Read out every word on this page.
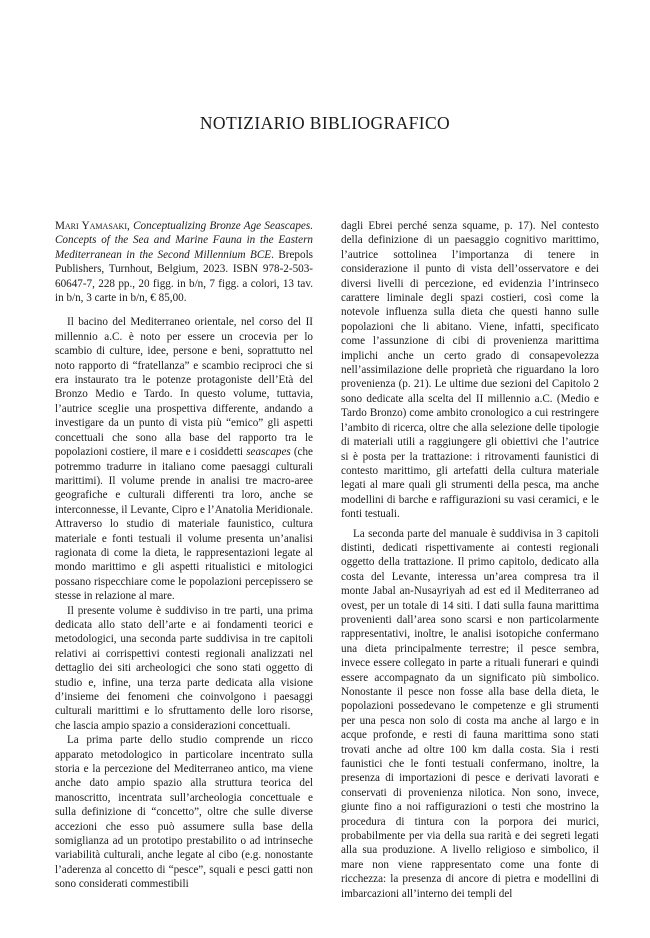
NOTIZIARIO BIBLIOGRAFICO

Mari Yamasaki, Conceptualizing Bronze Age Seascapes. Concepts of the Sea and Marine Fauna in the Eastern Mediterranean in the Second Millennium BCE. Brepols Publishers, Turnhout, Belgium, 2023. ISBN 978-2-503-60647-7, 228 pp., 20 figg. in b/n, 7 figg. a colori, 13 tav. in b/n, 3 carte in b/n, € 85,00.

Il bacino del Mediterraneo orientale, nel corso del II millennio a.C. è noto per essere un crocevia per lo scambio di culture, idee, persone e beni, soprattutto nel noto rapporto di “fratellanza” e scambio reciproci che si era instaurato tra le potenze protagoniste dell’Età del Bronzo Medio e Tardo. In questo volume, tuttavia, l’autrice sceglie una prospettiva differente, andando a investigare da un punto di vista più “emico” gli aspetti concettuali che sono alla base del rapporto tra le popolazioni costiere, il mare e i cosiddetti seascapes (che potremmo tradurre in italiano come paesaggi culturali marittimi). Il volume prende in analisi tre macro-aree geografiche e culturali differenti tra loro, anche se interconnesse, il Levante, Cipro e l’Anatolia Meridionale. Attraverso lo studio di materiale faunistico, cultura materiale e fonti testuali il volume presenta un’analisi ragionata di come la dieta, le rappresentazioni legate al mondo marittimo e gli aspetti ritualistici e mitologici possano rispecchiare come le popolazioni percepissero se stesse in relazione al mare.

Il presente volume è suddiviso in tre parti, una prima dedicata allo stato dell’arte e ai fondamenti teorici e metodologici, una seconda parte suddivisa in tre capitoli relativi ai corrispettivi contesti regionali analizzati nel dettaglio dei siti archeologici che sono stati oggetto di studio e, infine, una terza parte dedicata alla visione d’insieme dei fenomeni che coinvolgono i paesaggi culturali marittimi e lo sfruttamento delle loro risorse, che lascia ampio spazio a considerazioni concettuali.

La prima parte dello studio comprende un ricco apparato metodologico in particolare incentrato sulla storia e la percezione del Mediterraneo antico, ma viene anche dato ampio spazio alla struttura teorica del manoscritto, incentrata sull’archeologia concettuale e sulla definizione di “concetto”, oltre che sulle diverse accezioni che esso può assumere sulla base della somiglianza ad un prototipo prestabilito o ad intrinseche variabilità culturali, anche legate al cibo (e.g. nonostante l’aderenza al concetto di “pesce”, squali e pesci gatti non sono considerati commestibili

dagli Ebrei perché senza squame, p. 17). Nel contesto della definizione di un paesaggio cognitivo marittimo, l’autrice sottolinea l’importanza di tenere in considerazione il punto di vista dell’osservatore e dei diversi livelli di percezione, ed evidenzia l’intrinseco carattere liminale degli spazi costieri, così come la notevole influenza sulla dieta che questi hanno sulle popolazioni che li abitano. Viene, infatti, specificato come l’assunzione di cibi di provenienza marittima implichi anche un certo grado di consapevolezza nell’assimilazione delle proprietà che riguardano la loro provenienza (p. 21). Le ultime due sezioni del Capitolo 2 sono dedicate alla scelta del II millennio a.C. (Medio e Tardo Bronzo) come ambito cronologico a cui restringere l’ambito di ricerca, oltre che alla selezione delle tipologie di materiali utili a raggiungere gli obiettivi che l’autrice si è posta per la trattazione: i ritrovamenti faunistici di contesto marittimo, gli artefatti della cultura materiale legati al mare quali gli strumenti della pesca, ma anche modellini di barche e raffigurazioni su vasi ceramici, e le fonti testuali.

La seconda parte del manuale è suddivisa in 3 capitoli distinti, dedicati rispettivamente ai contesti regionali oggetto della trattazione. Il primo capitolo, dedicato alla costa del Levante, interessa un’area compresa tra il monte Jabal an-Nusayriyah ad est ed il Mediterraneo ad ovest, per un totale di 14 siti. I dati sulla fauna marittima provenienti dall’area sono scarsi e non particolarmente rappresentativi, inoltre, le analisi isotopiche confermano una dieta principalmente terrestre; il pesce sembra, invece essere collegato in parte a rituali funerari e quindi essere accompagnato da un significato più simbolico. Nonostante il pesce non fosse alla base della dieta, le popolazioni possedevano le competenze e gli strumenti per una pesca non solo di costa ma anche al largo e in acque profonde, e resti di fauna marittima sono stati trovati anche ad oltre 100 km dalla costa. Sia i resti faunistici che le fonti testuali confermano, inoltre, la presenza di importazioni di pesce e derivati lavorati e conservati di provenienza nilotica. Non sono, invece, giunte fino a noi raffigurazioni o testi che mostrino la procedura di tintura con la porpora dei murici, probabilmente per via della sua rarità e dei segreti legati alla sua produzione. A livello religioso e simbolico, il mare non viene rappresentato come una fonte di ricchezza: la presenza di ancore di pietra e modellini di imbarcazioni all’interno dei templi del
